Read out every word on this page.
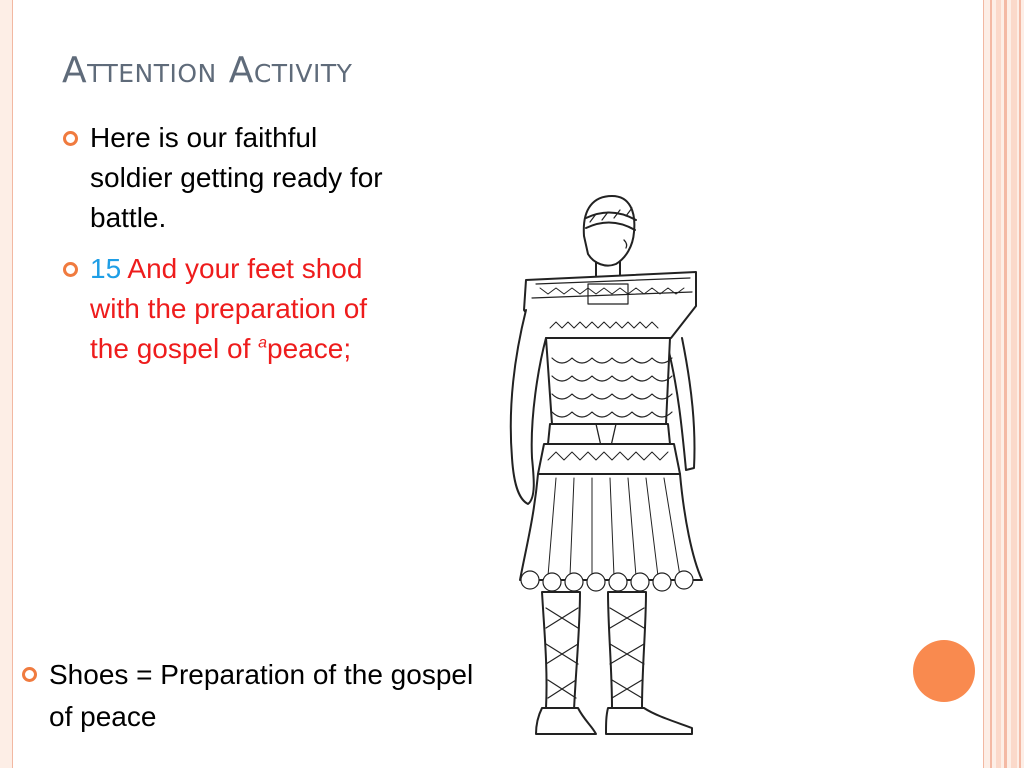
Attention Activity
Here is our faithful soldier getting ready for battle.
15 And your feet shod with the preparation of the gospel of $^a$peace;
Shoes = Preparation of the gospel of peace
